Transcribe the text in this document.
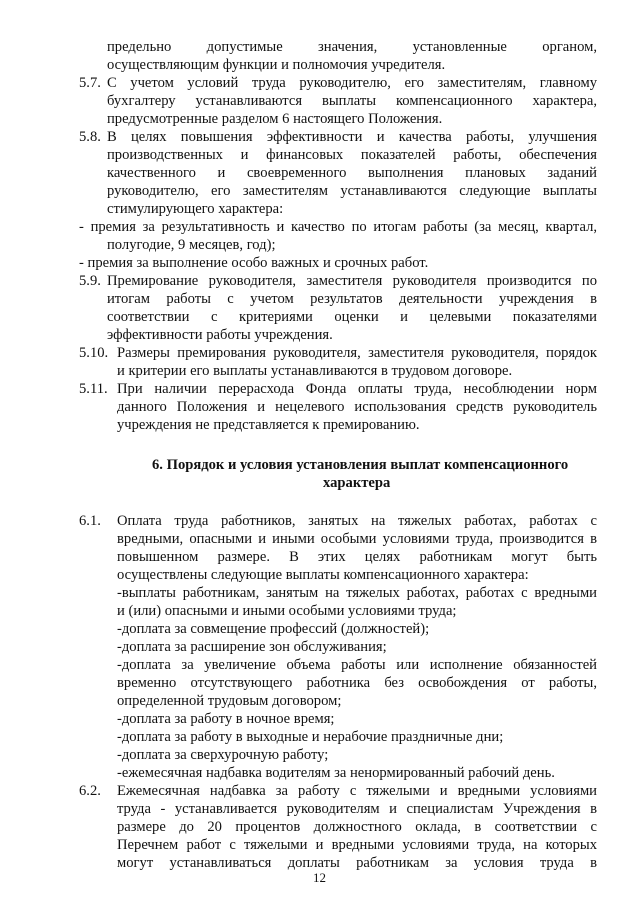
предельно допустимые значения, установленные органом,
осуществляющим функции и полномочия учредителя.
5.7. С учетом условий труда руководителю, его заместителям, главному
бухгалтеру устанавливаются выплаты компенсационного характера,
предусмотренные разделом 6 настоящего Положения.
5.8. В целях повышения эффективности и качества работы, улучшения
производственных и финансовых показателей работы, обеспечения
качественного и своевременного выполнения плановых заданий
руководителю, его заместителям устанавливаются следующие выплаты
стимулирующего характера:
- премия за результативность и качество по итогам работы (за месяц, квартал,
полугодие, 9 месяцев, год);
- премия за выполнение особо важных и срочных работ.
5.9. Премирование руководителя, заместителя руководителя производится по
итогам работы с учетом результатов деятельности учреждения в
соответствии с критериями оценки и целевыми показателями
эффективности работы учреждения.
5.10. Размеры премирования руководителя, заместителя руководителя, порядок
и критерии его выплаты устанавливаются в трудовом договоре.
5.11. При наличии перерасхода Фонда оплаты труда, несоблюдении норм
данного Положения и нецелевого использования средств руководитель
учреждения не представляется к премированию.
6. Порядок и условия установления выплат компенсационного
характера
6.1. Оплата труда работников, занятых на тяжелых работах, работах с
вредными, опасными и иными особыми условиями труда, производится в
повышенном размере. В этих целях работникам могут быть
осуществлены следующие выплаты компенсационного характера:
-выплаты работникам, занятым на тяжелых работах, работах с вредными
и (или) опасными и иными особыми условиями труда;
-доплата за совмещение профессий (должностей);
-доплата за расширение зон обслуживания;
-доплата за увеличение объема работы или исполнение обязанностей
временно отсутствующего работника без освобождения от работы,
определенной трудовым договором;
-доплата за работу в ночное время;
-доплата за работу в выходные и нерабочие праздничные дни;
-доплата за сверхурочную работу;
-ежемесячная надбавка водителям за ненормированный рабочий день.
6.2. Ежемесячная надбавка за работу с тяжелыми и вредными условиями
труда - устанавливается руководителям и специалистам Учреждения в
размере до 20 процентов должностного оклада, в соответствии с
Перечнем работ с тяжелыми и вредными условиями труда, на которых
могут устанавливаться доплаты работникам за условия труда в
12
